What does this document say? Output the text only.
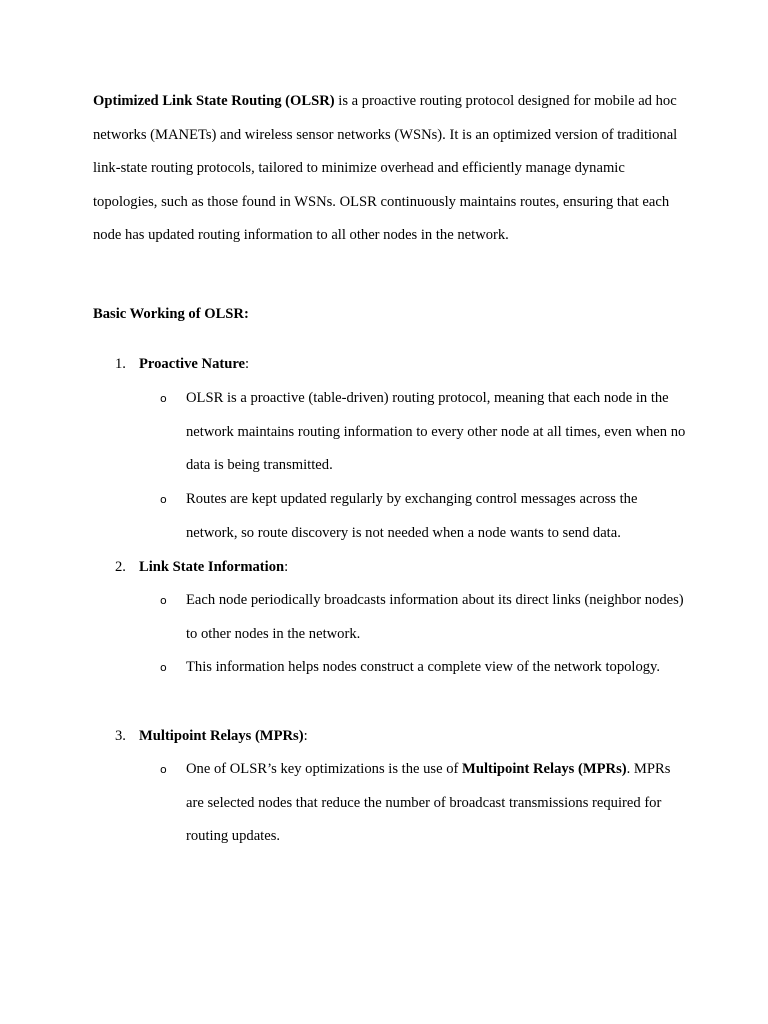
Optimized Link State Routing (OLSR) is a proactive routing protocol designed for mobile ad hoc networks (MANETs) and wireless sensor networks (WSNs). It is an optimized version of traditional link-state routing protocols, tailored to minimize overhead and efficiently manage dynamic topologies, such as those found in WSNs. OLSR continuously maintains routes, ensuring that each node has updated routing information to all other nodes in the network.

Basic Working of OLSR:

1. Proactive Nature:

o OLSR is a proactive (table-driven) routing protocol, meaning that each node in the network maintains routing information to every other node at all times, even when no data is being transmitted.

o Routes are kept updated regularly by exchanging control messages across the network, so route discovery is not needed when a node wants to send data.

2. Link State Information:

o Each node periodically broadcasts information about its direct links (neighbor nodes) to other nodes in the network.

o This information helps nodes construct a complete view of the network topology.

3. Multipoint Relays (MPRs):

o One of OLSR’s key optimizations is the use of Multipoint Relays (MPRs). MPRs are selected nodes that reduce the number of broadcast transmissions required for routing updates.
